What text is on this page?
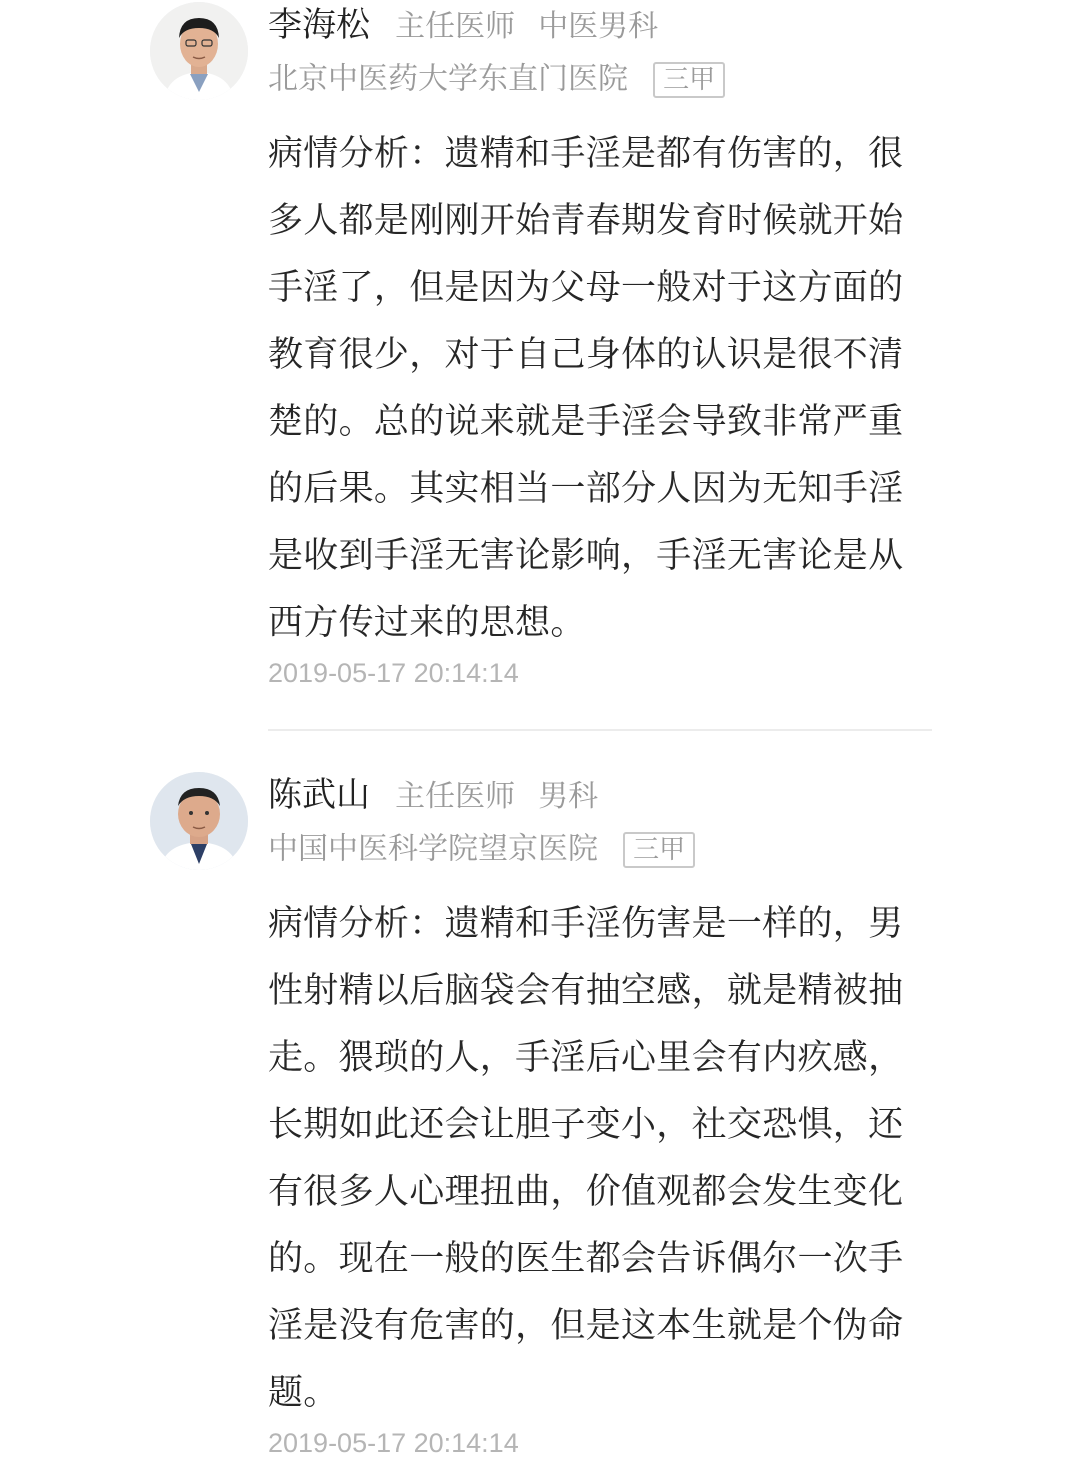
李海松 主任医师 中医男科
北京中医药大学东直门医院 三甲

病情分析：遗精和手淫是都有伤害的，很多人都是刚刚开始青春期发育时候就开始手淫了，但是因为父母一般对于这方面的教育很少，对于自己身体的认识是很不清楚的。总的说来就是手淫会导致非常严重的后果。其实相当一部分人因为无知手淫是收到手淫无害论影响，手淫无害论是从西方传过来的思想。

2019-05-17 20:14:14
陈武山 主任医师 男科
中国中医科学院望京医院 三甲

病情分析：遗精和手淫伤害是一样的，男性射精以后脑袋会有抽空感，就是精被抽走。猥琐的人，手淫后心里会有内疚感，长期如此还会让胆子变小，社交恐惧，还有很多人心理扭曲，价值观都会发生变化的。现在一般的医生都会告诉偶尔一次手淫是没有危害的，但是这本生就是个伪命题。

2019-05-17 20:14:14
